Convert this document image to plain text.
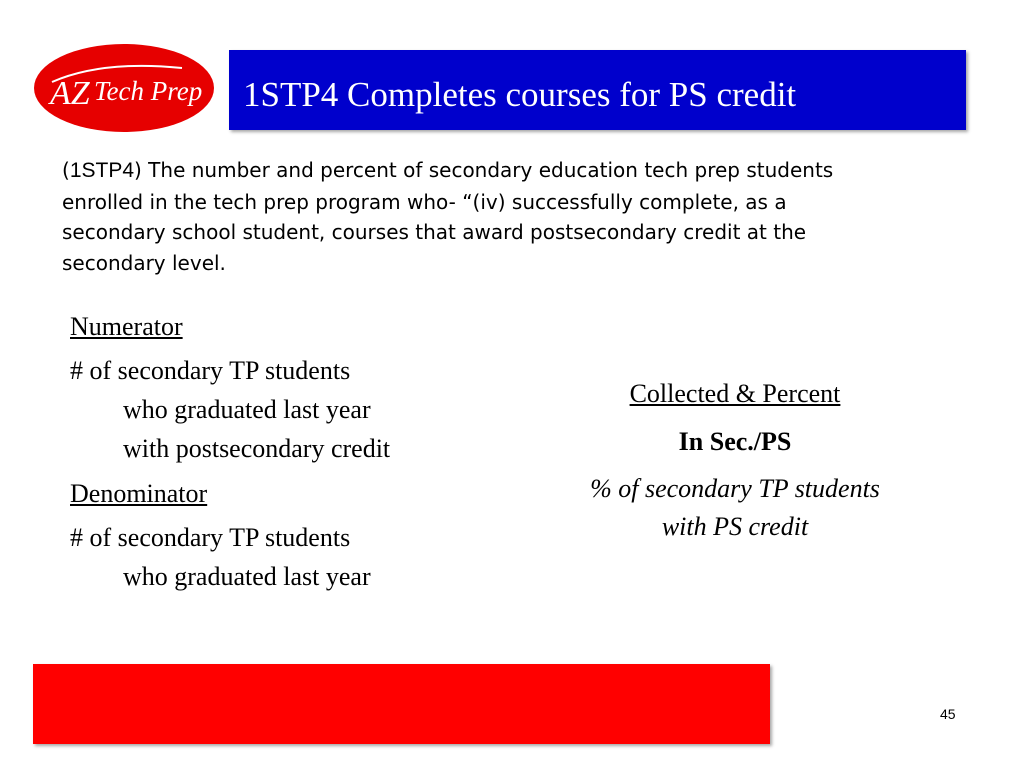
AZ Tech Prep 1STP4 Completes courses for PS credit

(1STP4) The number and percent of secondary education tech prep students enrolled in the tech prep program who- “(iv) successfully complete, as a secondary school student, courses that award postsecondary credit at the secondary level.

Numerator
# of secondary TP students
who graduated last year
with postsecondary credit
Denominator
# of secondary TP students
who graduated last year
Collected & Percent
In Sec./PS
% of secondary TP students
with PS credit
45
